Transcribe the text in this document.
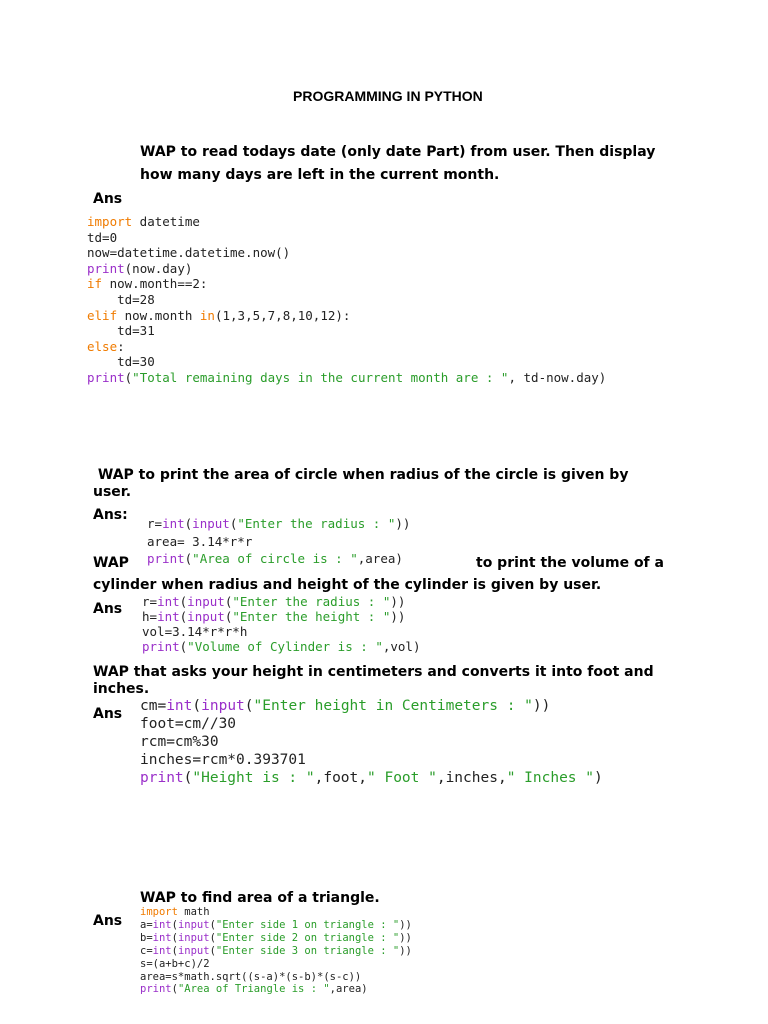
PROGRAMMING IN PYTHON
WAP to read todays date (only date Part) from user. Then display
how many days are left in the current month.
Ans
import datetime
td=0
now=datetime.datetime.now()
print(now.day)
if now.month==2:
td=28
elif now.month in(1,3,5,7,8,10,12):
td=31
else:
td=30
print("Total remaining days in the current month are : ", td-now.day)
WAP to print the area of circle when radius of the circle is given by
user.
Ans:
r=int(input("Enter the radius : "))
area= 3.14*r*r
print("Area of circle is : ",area)
WAP	to print the volume of a
cylinder when radius and height of the cylinder is given by user.
Ans r=int(input("Enter the radius : "))
h=int(input("Enter the height : "))
vol=3.14*r*r*h
print("Volume of Cylinder is : ",vol)
WAP that asks your height in centimeters and converts it into foot and
inches.
Ans cm=int(input("Enter height in Centimeters : "))
foot=cm//30
rcm=cm%30
inches=rcm*0.393701
print("Height is : ",foot," Foot ",inches," Inches ")
WAP to find area of a triangle.
Ans
import math
a=int(input("Enter side 1 on triangle : "))
b=int(input("Enter side 2 on triangle : "))
c=int(input("Enter side 3 on triangle : "))
s=(a+b+c)/2
area=s*math.sqrt((s-a)*(s-b)*(s-c))
print("Area of Triangle is : ",area)
